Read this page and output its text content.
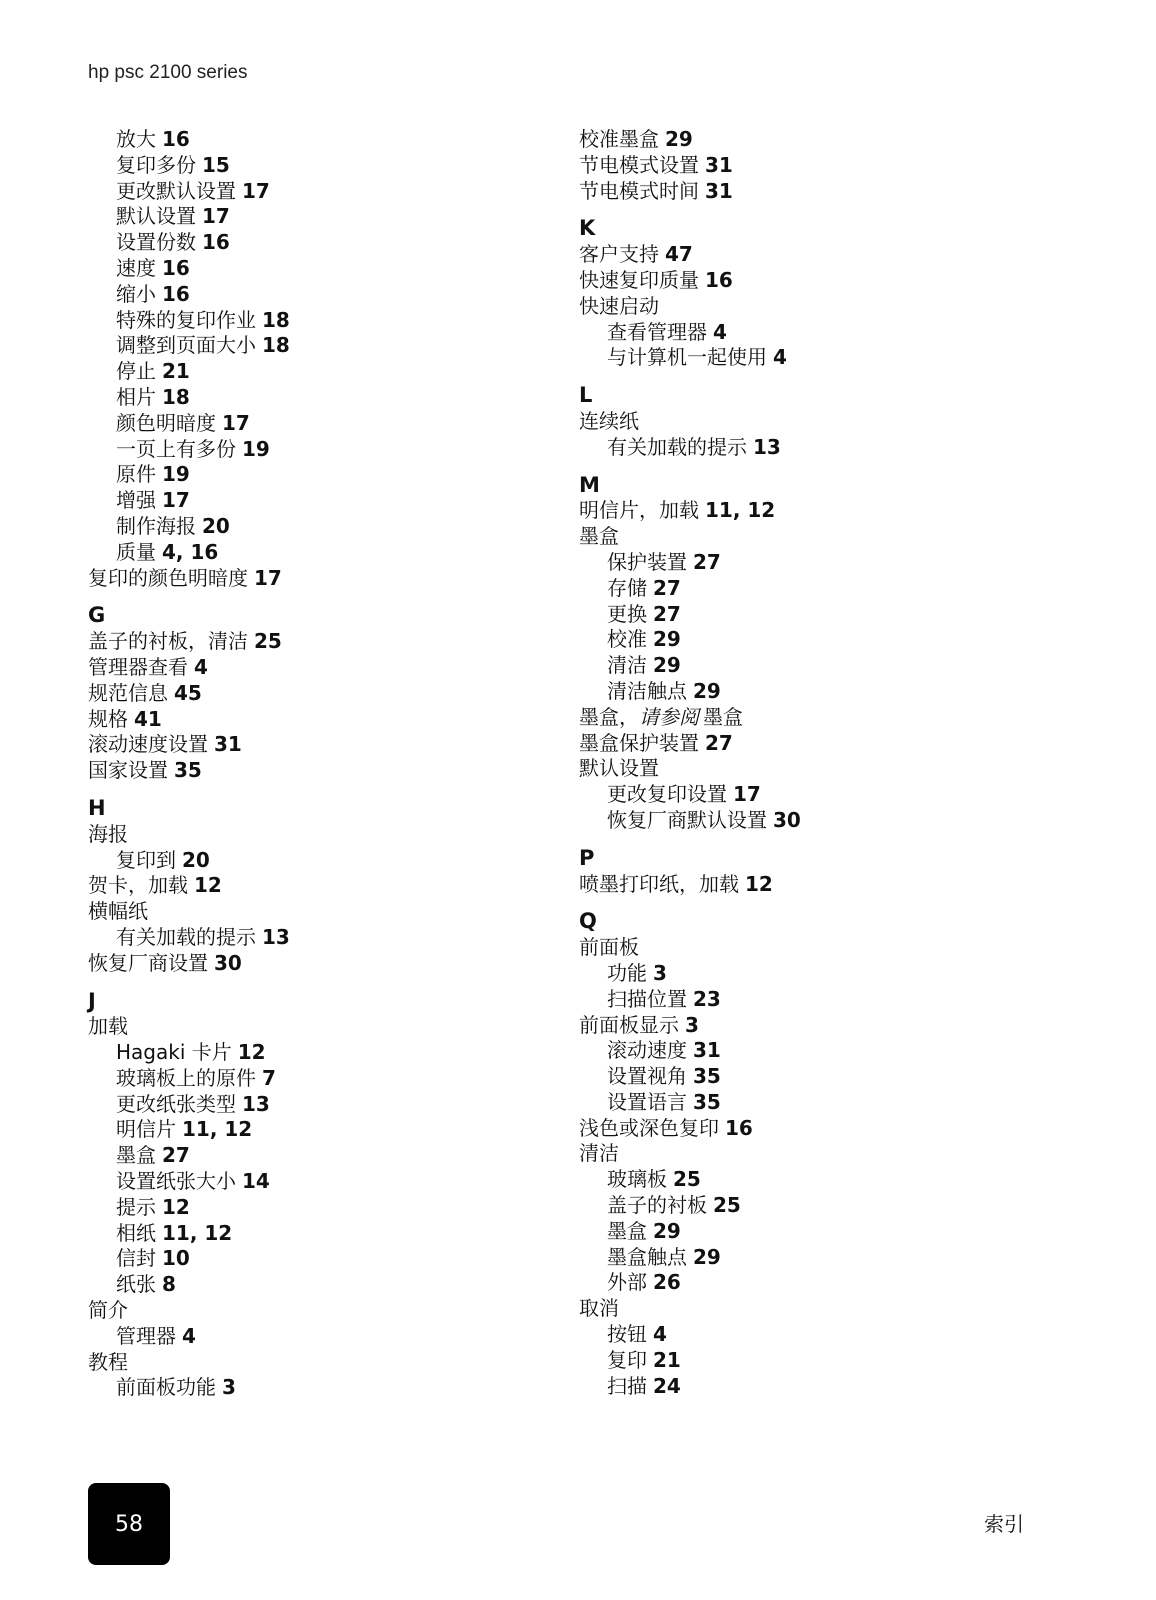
hp psc 2100 series
放大 16
复印多份 15
更改默认设置 17
默认设置 17
设置份数 16
速度 16
缩小 16
特殊的复印作业 18
调整到页面大小 18
停止 21
相片 18
颜色明暗度 17
一页上有多份 19
原件 19
增强 17
制作海报 20
质量 4, 16
复印的颜色明暗度 17
G
盖子的衬板，清洁 25
管理器查看 4
规范信息 45
规格 41
滚动速度设置 31
国家设置 35
H
海报
复印到 20
贺卡，加载 12
横幅纸
有关加载的提示 13
恢复厂商设置 30
J
加载
Hagaki 卡片 12
玻璃板上的原件 7
更改纸张类型 13
明信片 11, 12
墨盒 27
设置纸张大小 14
提示 12
相纸 11, 12
信封 10
纸张 8
简介
管理器 4
教程
前面板功能 3
校准墨盒 29
节电模式设置 31
节电模式时间 31
K
客户支持 47
快速复印质量 16
快速启动
查看管理器 4
与计算机一起使用 4
L
连续纸
有关加载的提示 13
M
明信片，加载 11, 12
墨盒
保护装置 27
存储 27
更换 27
校准 29
清洁 29
清洁触点 29
墨盒，请参阅 墨盒
墨盒保护装置 27
默认设置
更改复印设置 17
恢复厂商默认设置 30
P
喷墨打印纸，加载 12
Q
前面板
功能 3
扫描位置 23
前面板显示 3
滚动速度 31
设置视角 35
设置语言 35
浅色或深色复印 16
清洁
玻璃板 25
盖子的衬板 25
墨盒 29
墨盒触点 29
外部 26
取消
按钮 4
复印 21
扫描 24
58	索引
